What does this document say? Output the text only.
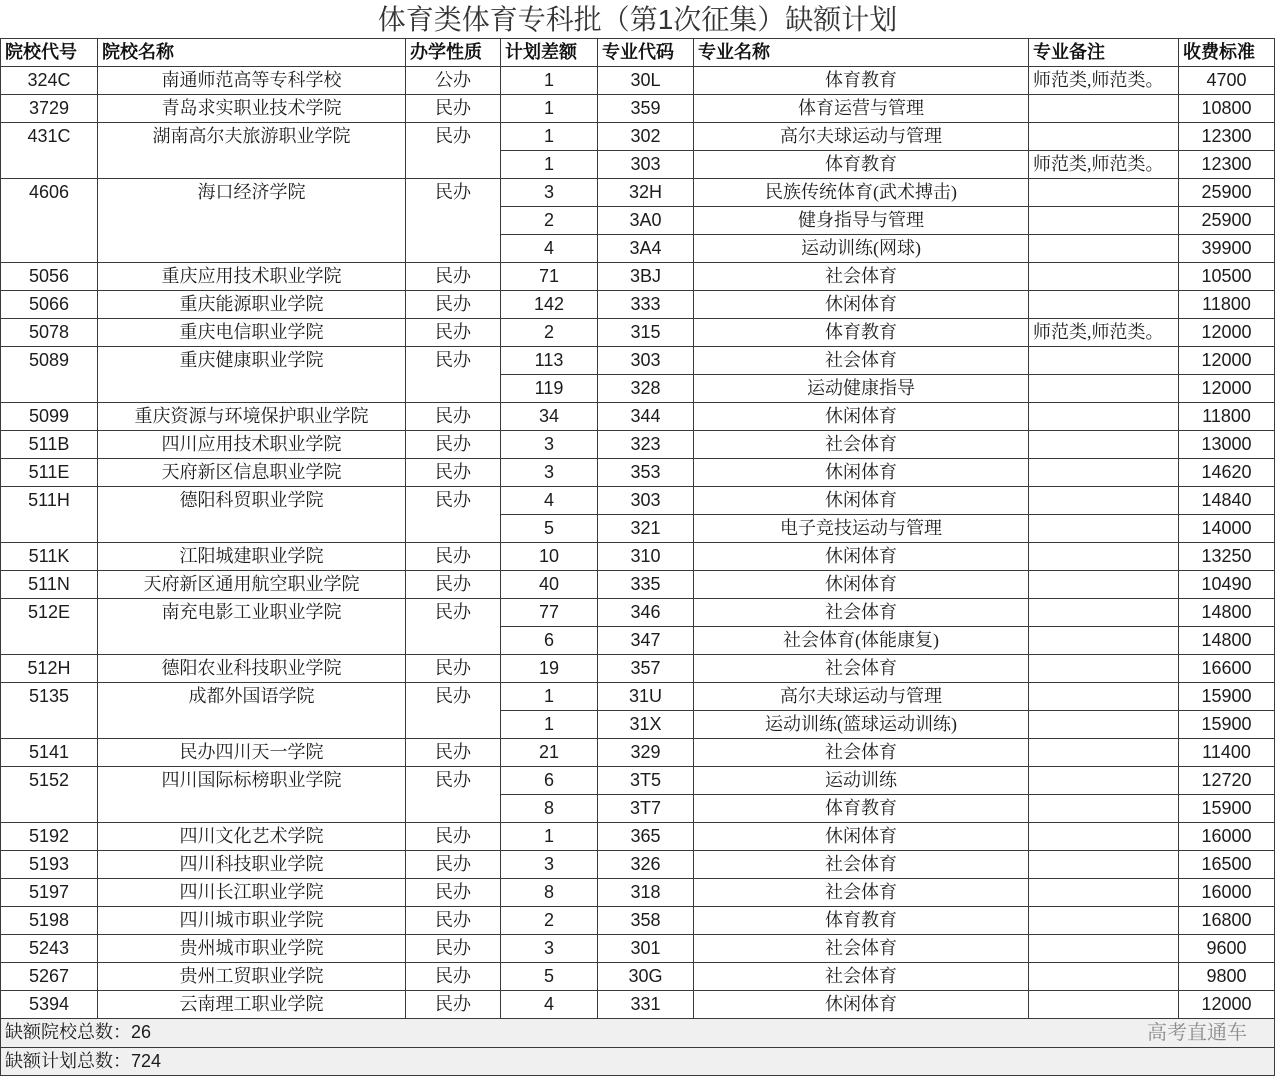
体育类体育专科批（第1次征集）缺额计划
院校代号	院校名称	办学性质	计划差额	专业代码	专业名称	专业备注	收费标准
324C	南通师范高等专科学校	公办	1	30L	体育教育	师范类,师范类。	4700
3729	青岛求实职业技术学院	民办	1	359	体育运营与管理		10800
431C	湖南高尔夫旅游职业学院	民办	1	302	高尔夫球运动与管理		12300
			1	303	体育教育	师范类,师范类。	12300
4606	海口经济学院	民办	3	32H	民族传统体育(武术搏击)		25900
			2	3A0	健身指导与管理		25900
			4	3A4	运动训练(网球)		39900
5056	重庆应用技术职业学院	民办	71	3BJ	社会体育		10500
5066	重庆能源职业学院	民办	142	333	休闲体育		11800
5078	重庆电信职业学院	民办	2	315	体育教育	师范类,师范类。	12000
5089	重庆健康职业学院	民办	113	303	社会体育		12000
			119	328	运动健康指导		12000
5099	重庆资源与环境保护职业学院	民办	34	344	休闲体育		11800
511B	四川应用技术职业学院	民办	3	323	社会体育		13000
511E	天府新区信息职业学院	民办	3	353	休闲体育		14620
511H	德阳科贸职业学院	民办	4	303	休闲体育		14840
			5	321	电子竞技运动与管理		14000
511K	江阳城建职业学院	民办	10	310	休闲体育		13250
511N	天府新区通用航空职业学院	民办	40	335	休闲体育		10490
512E	南充电影工业职业学院	民办	77	346	社会体育		14800
			6	347	社会体育(体能康复)		14800
512H	德阳农业科技职业学院	民办	19	357	社会体育		16600
5135	成都外国语学院	民办	1	31U	高尔夫球运动与管理		15900
			1	31X	运动训练(篮球运动训练)		15900
5141	民办四川天一学院	民办	21	329	社会体育		11400
5152	四川国际标榜职业学院	民办	6	3T5	运动训练		12720
			8	3T7	体育教育		15900
5192	四川文化艺术学院	民办	1	365	休闲体育		16000
5193	四川科技职业学院	民办	3	326	社会体育		16500
5197	四川长江职业学院	民办	8	318	社会体育		16000
5198	四川城市职业学院	民办	2	358	体育教育		16800
5243	贵州城市职业学院	民办	3	301	社会体育		9600
5267	贵州工贸职业学院	民办	5	30G	社会体育		9800
5394	云南理工职业学院	民办	4	331	休闲体育		12000
缺额院校总数：26 高考直通车							

缺额计划总数：724							
